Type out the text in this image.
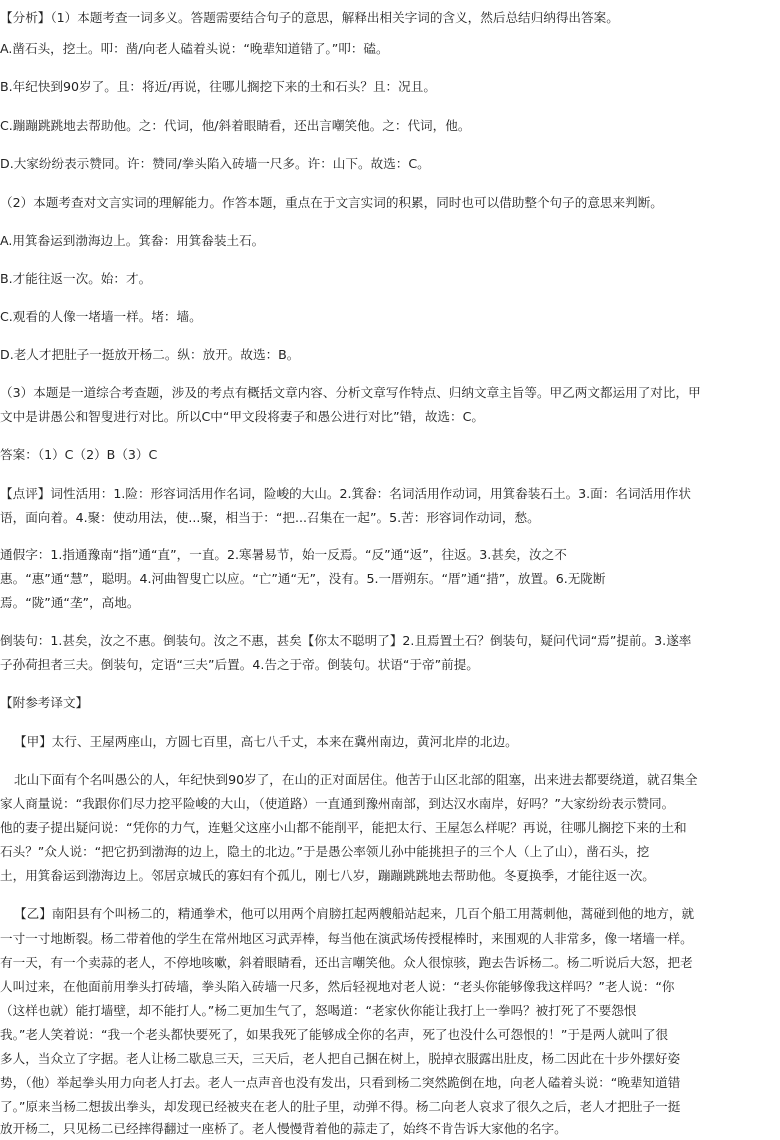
【分析】（1）本题考查一词多义。答题需要结合句子的意思，解释出相关字词的含义，然后总结归纳得出答案。
A.凿石头，挖土。叩：凿/向老人磕着头说：“晚辈知道错了。”叩：磕。
B.年纪快到90岁了。且：将近/再说，往哪儿搁挖下来的土和石头？且：况且。
C.蹦蹦跳跳地去帮助他。之：代词，他/斜着眼睛看，还出言嘲笑他。之：代词，他。
D.大家纷纷表示赞同。许：赞同/拳头陷入砖墙一尺多。许：山下。故选：C。
（2）本题考查对文言实词的理解能力。作答本题，重点在于文言实词的积累，同时也可以借助整个句子的意思来判断。
A.用箕畚运到渤海边上。箕畚：用箕畚装土石。
B.才能往返一次。始：才。
C.观看的人像一堵墙一样。堵：墙。
D.老人才把肚子一挺放开杨二。纵：放开。故选：B。
（3）本题是一道综合考查题，涉及的考点有概括文章内容、分析文章写作特点、归纳文章主旨等。甲乙两文都运用了对比，甲
文中是讲愚公和智叟进行对比。所以C中“甲文段将妻子和愚公进行对比”错，故选：C。
答案：（1）C（2）B（3）C
【点评】词性活用：1.险：形容词活用作名词，险峻的大山。2.箕畚：名词活用作动词，用箕畚装石土。3.面：名词活用作状
语，面向着。4.聚：使动用法，使...聚，相当于：“把...召集在一起”。5.苦：形容词作动词，愁。
通假字：1.指通豫南“指”通“直”，一直。2.寒暑易节，始一反焉。“反”通“返”，往返。3.甚矣，汝之不
惠。“惠”通“慧”，聪明。4.河曲智叟亡以应。“亡”通“无”，没有。5.一厝朔东。“厝”通“措”，放置。6.无陇断
焉。“陇”通“垄”，高地。
倒装句：1.甚矣，汝之不惠。倒装句。汝之不惠，甚矣【你太不聪明了】2.且焉置土石？倒装句，疑问代词“焉”提前。3.遂率
子孙荷担者三夫。倒装句，定语“三夫”后置。4.告之于帝。倒装句。状语“于帝”前提。
【附参考译文】
【甲】太行、王屋两座山，方圆七百里，高七八千丈，本来在冀州南边，黄河北岸的北边。
北山下面有个名叫愚公的人，年纪快到90岁了，在山的正对面居住。他苦于山区北部的阻塞，出来进去都要绕道，就召集全
家人商量说：“我跟你们尽力挖平险峻的大山，（使道路）一直通到豫州南部，到达汉水南岸，好吗？”大家纷纷表示赞同。
他的妻子提出疑问说：“凭你的力气，连魁父这座小山都不能削平，能把太行、王屋怎么样呢？再说，往哪儿搁挖下来的土和
石头？”众人说：“把它扔到渤海的边上，隐土的北边。”于是愚公率领儿孙中能挑担子的三个人（上了山），凿石头，挖
土，用箕畚运到渤海边上。邻居京城氏的寡妇有个孤儿，刚七八岁，蹦蹦跳跳地去帮助他。冬夏换季，才能往返一次。
【乙】南阳县有个叫杨二的，精通拳术，他可以用两个肩膀扛起两艘船站起来，几百个船工用蒿刺他，蒿碰到他的地方，就
一寸一寸地断裂。杨二带着他的学生在常州地区习武弄棒，每当他在演武场传授棍棒时，来围观的人非常多，像一堵墙一样。
有一天，有一个卖蒜的老人，不停地咳嗽，斜着眼睛看，还出言嘲笑他。众人很惊骇，跑去告诉杨二。杨二听说后大怒，把老
人叫过来，在他面前用拳头打砖墙，拳头陷入砖墙一尺多，然后轻视地对老人说：“老头你能够像我这样吗？”老人说：“你
（这样也就）能打墙壁，却不能打人。”杨二更加生气了，怒喝道：“老家伙你能让我打上一拳吗？被打死了不要怨恨
我。”老人笑着说：“我一个老头都快要死了，如果我死了能够成全你的名声，死了也没什么可怨恨的！”于是两人就叫了很
多人，当众立了字据。老人让杨二歇息三天，三天后，老人把自己捆在树上，脱掉衣服露出肚皮，杨二因此在十步外摆好姿
势，（他）举起拳头用力向老人打去。老人一点声音也没有发出，只看到杨二突然跪倒在地，向老人磕着头说：“晚辈知道错
了。”原来当杨二想拔出拳头，却发现已经被夹在老人的肚子里，动弹不得。杨二向老人哀求了很久之后，老人才把肚子一挺
放开杨二，只见杨二已经摔得翻过一座桥了。老人慢慢背着他的蒜走了，始终不肯告诉大家他的名字。
